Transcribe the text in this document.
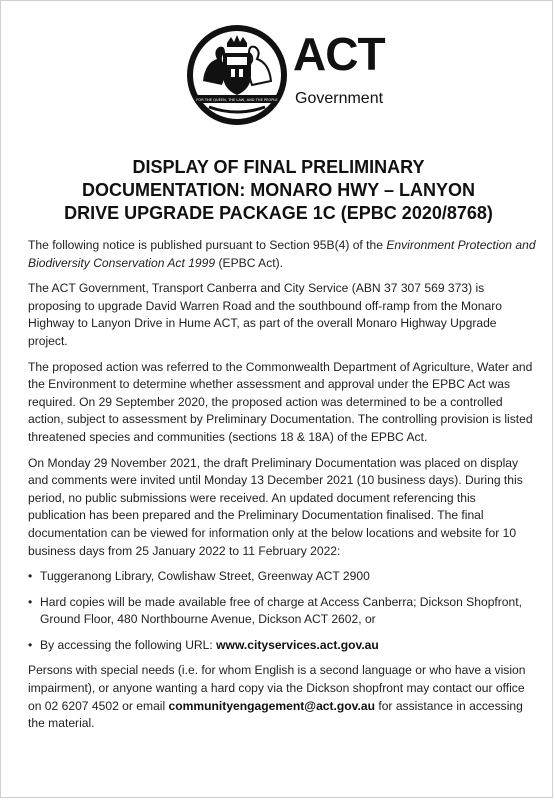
FOR THE QUEEN, THE LAW, AND THE PEOPLE
ACT
Government
DISPLAY OF FINAL PRELIMINARY
DOCUMENTATION: MONARO HWY – LANYON
DRIVE UPGRADE PACKAGE 1C (EPBC 2020/8768)

The following notice is published pursuant to Section 95B(4) of the Environment Protection and Biodiversity Conservation Act 1999 (EPBC Act).

The ACT Government, Transport Canberra and City Service (ABN 37 307 569 373) is proposing to upgrade David Warren Road and the southbound off-ramp from the Monaro Highway to Lanyon Drive in Hume ACT, as part of the overall Monaro Highway Upgrade project.

The proposed action was referred to the Commonwealth Department of Agriculture, Water and the Environment to determine whether assessment and approval under the EPBC Act was required. On 29 September 2020, the proposed action was determined to be a controlled action, subject to assessment by Preliminary Documentation. The controlling provision is listed threatened species and communities (sections 18 & 18A) of the EPBC Act.

On Monday 29 November 2021, the draft Preliminary Documentation was placed on display and comments were invited until Monday 13 December 2021 (10 business days). During this period, no public submissions were received. An updated document referencing this publication has been prepared and the Preliminary Documentation finalised. The final documentation can be viewed for information only at the below locations and website for 10 business days from 25 January 2022 to 11 February 2022:

• Tuggeranong Library, Cowlishaw Street, Greenway ACT 2900
• Hard copies will be made available free of charge at Access Canberra; Dickson Shopfront, Ground Floor, 480 Northbourne Avenue, Dickson ACT 2602, or
• By accessing the following URL: www.cityservices.act.gov.au

Persons with special needs (i.e. for whom English is a second language or who have a vision impairment), or anyone wanting a hard copy via the Dickson shopfront may contact our office on 02 6207 4502 or email communityengagement@act.gov.au for assistance in accessing the material.
